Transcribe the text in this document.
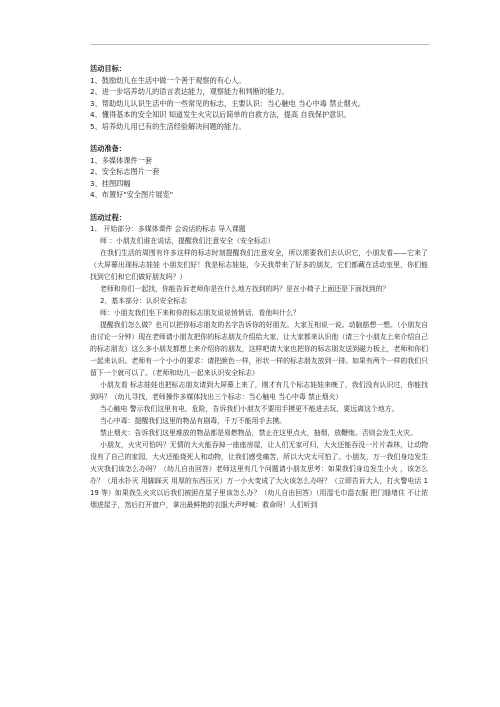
活动目标：
1、鼓励幼儿在生活中做一个善于观察的有心人。
2、进一步培养幼儿的语言表达能力，观察能力和判断的能力。
3、帮助幼儿认识生活中的一些常见的标志，主要认识：当心触电 当心中毒 禁止烟火。
4、懂得基本的安全知识 知道发生火灾以后简单的自救方法，提高 自我保护意识。
5、培养幼儿用已有的生活经验解决问题的能力。
活动准备：
1、多媒体课件一套
2、安全标志图片一套
3、挂图四幅
4、布置好"安全图片展览"
活动过程：

1、 开始部分：多媒体课件 会说话的标志 导入课题

师 ：小朋友们谁在说话，提醒我们注意安全（安全标志）

在我们生活的周围有许多这样的标志时刻提醒我们注意安全，所以需要我们去认识它，小朋友看——它来了（大屏幕出现标志娃娃 小朋友们好！我是标志娃娃，今天我带来了好多的朋友，它们都藏在活动室里，你们能找到它们和它们做好朋友吗？）

老师和你们一起找，你能告诉老师你是在什么地方找到的吗？是在小椅子上面还是下面找到的？

2、基本部分：认识安全标志

师：小朋友我们坐下来和你的标志朋友说说悄悄话，看他叫什么？

提醒我们怎么做？也可以把你标志朋友的名字告诉你的好朋友。大家互相说一说。动脑筋想一想。（小朋友自由讨论一分钟）现在老师请小朋友把你的标志朋友介绍给大家，让大家都来认识他（请三个小朋友上来介绍自己的标志朋友）这么多小朋友都想上来介绍你的朋友，这样吧请大家也把你的标志朋友送到磁力板上，老师和你们一起来认识。老师有一个小小的要求：请把颜色一样，形状一样的标志朋友放到一排。如果有两个一样的我们只留下一个就可以了。（老师和幼儿一起来认识安全标志）

小朋友看 标志娃娃也把标志朋友请到大屏幕上来了，刚才有几个标志娃娃来晚了，我们没有认识过，你能找到吗？（幼儿寻找，老师操作多媒体找出三个标志：当心触电 当心中毒 禁止烟火）

当心触电 警示我们这里有电，危险，告诉我们小朋友不要用手摸更不能进去玩，要远离这个地方。

当心中毒：提醒我们这里的物品有剧毒，千万不能用手去摸。

禁止烟火：告诉我们这里堆放的物品都是易燃物品，禁止在这里点火，抽烟，放鞭炮。否则会发生火灾。

小朋友，火灾可怕吗？无情的大火能吞掉一座座房屋，让人们无家可归，大火还能吞没一片片森林，让动物没有了自己的家园，大火还能烧死人和动物，让我们感受痛苦，所以大灾太可怕了。小朋友，万一我们身边发生火灾我们该怎么办呀？（幼儿自由回答）老师这里有几个问题请小朋友思考：如果我们身边发生小火 ，该怎么办？（用水扑灭 用脚踩灭 用厚的东西压灭）万一小火变成了大火该怎么办呀？（立即告诉大人，打火警电话 119 等）如果我生火灾以后我们被困在屋子里该怎么办？（幼儿自由回答）（用湿毛巾湿衣服 把门缝堵住 不让浓烟进屋子，然后打开窗户，拿出最鲜艳的衣服大声呼喊：救命呀！人们听到
